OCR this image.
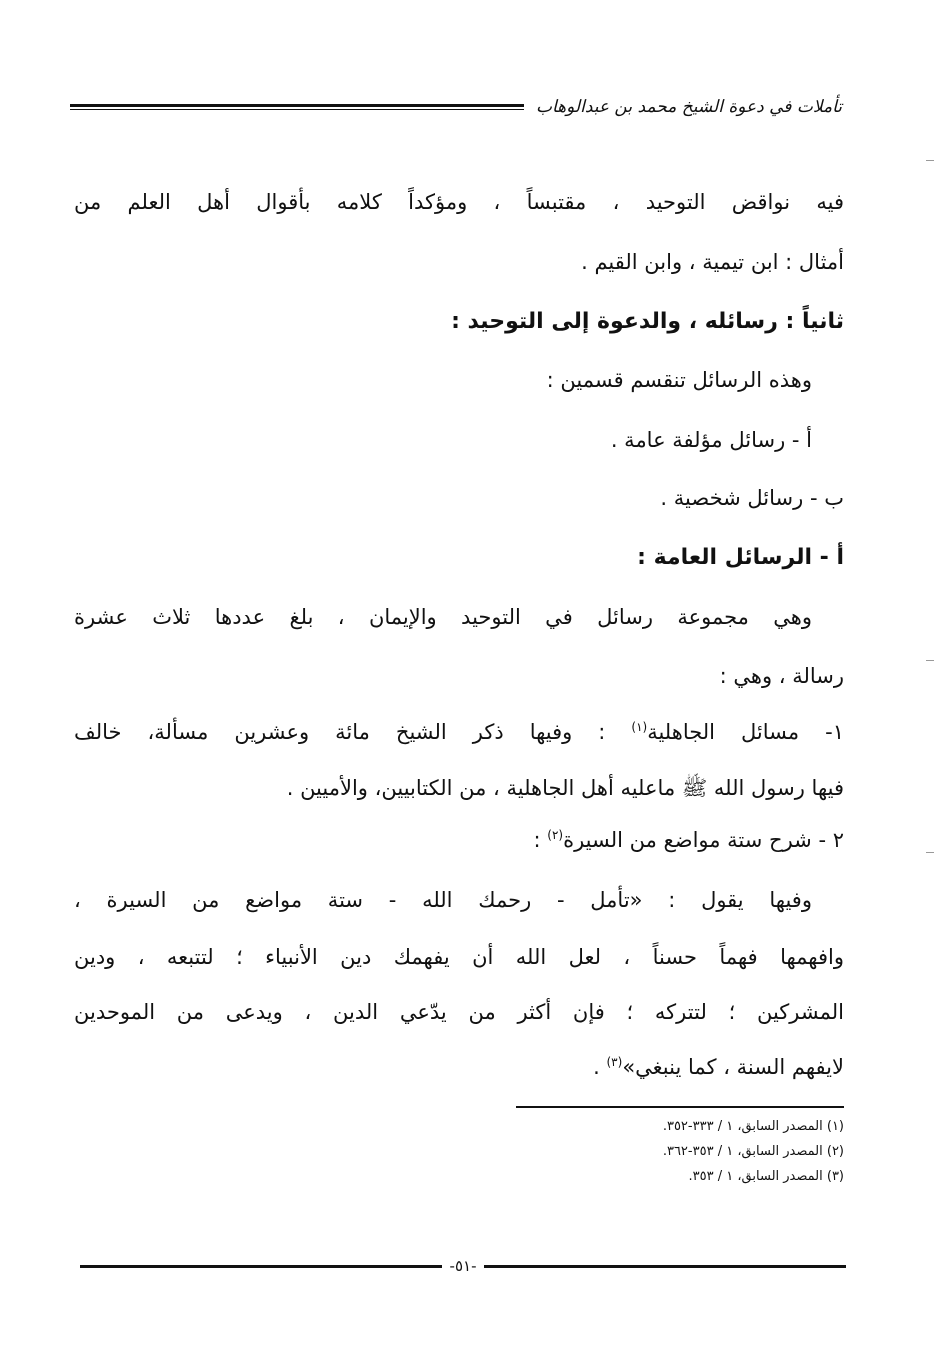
تأملات في دعوة الشيخ محمد بن عبدالوهاب
فيه نواقض التوحيد ، مقتبساً ، ومؤكداً كلامه بأقوال أهل العلم من
أمثال : ابن تيمية ، وابن القيم .
ثانياً : رسائله ، والدعوة إلى التوحيد :
وهذه الرسائل تنقسم قسمين :
أ - رسائل مؤلفة عامة .
ب - رسائل شخصية .
أ - الرسائل العامة :
وهي مجموعة رسائل في التوحيد والإيمان ، بلغ عددها ثلاث عشرة
رسالة ، وهي :
١- مسائل الجاهلية$^{(١)}$ : وفيها ذكر الشيخ مائة وعشرين مسألة، خالف
فيها رسول الله ﷺ ماعليه أهل الجاهلية ، من الكتابيين، والأميين .
٢ - شرح ستة مواضع من السيرة$^{(٢)}$ :
وفيها يقول : «تأمل - رحمك الله - ستة مواضع من السيرة ،
وافهمها فهماً حسناً ، لعل الله أن يفهمك دين الأنبياء ؛ لتتبعه ، ودين
المشركين ؛ لتتركه ؛ فإن أكثر من يدّعي الدين ، ويدعى من الموحدين
لايفهم السنة ، كما ينبغي»$^{(٣)}$ .
(١) المصدر السابق، ١ / ٣٣٣-٣٥٢.
(٢) المصدر السابق، ١ / ٣٥٣-٣٦٢.
(٣) المصدر السابق، ١ / ٣٥٣.
-٥١-
